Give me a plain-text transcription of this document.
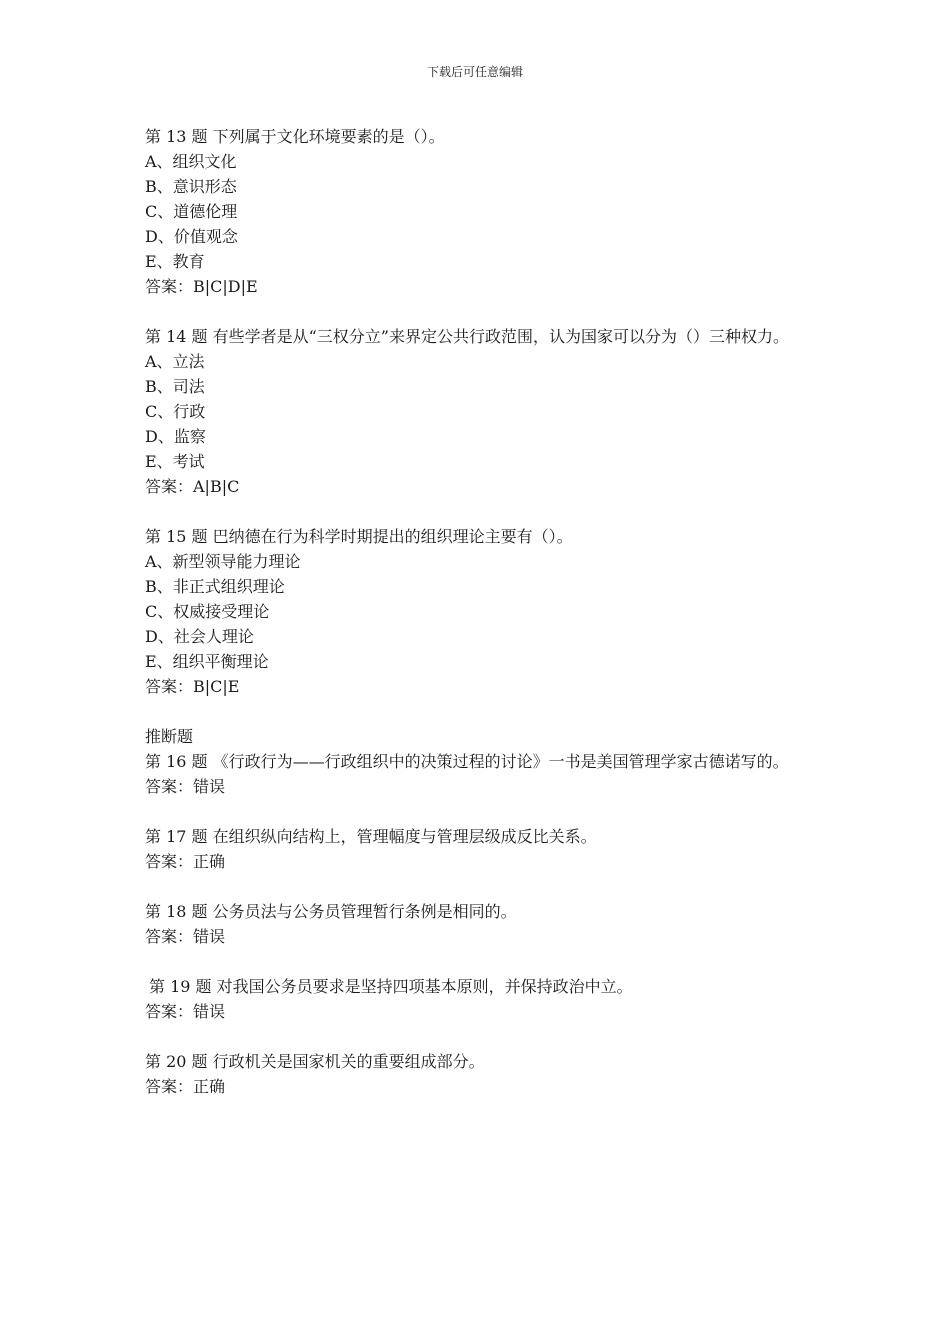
下载后可任意编辑
第 13 题 下列属于文化环境要素的是（）。
A、组织文化
B、意识形态
C、道德伦理
D、价值观念
E、教育
答案：B|C|D|E
第 14 题 有些学者是从“三权分立”来界定公共行政范围，认为国家可以分为（）三种权力。
A、立法
B、司法
C、行政
D、监察
E、考试
答案：A|B|C
第 15 题 巴纳德在行为科学时期提出的组织理论主要有（）。
A、新型领导能力理论
B、非正式组织理论
C、权威接受理论
D、社会人理论
E、组织平衡理论
答案：B|C|E
推断题
第 16 题 《行政行为——行政组织中的决策过程的讨论》一书是美国管理学家古德诺写的。
答案：错误
第 17 题 在组织纵向结构上，管理幅度与管理层级成反比关系。
答案：正确
第 18 题 公务员法与公务员管理暂行条例是相同的。
答案：错误
第 19 题 对我国公务员要求是坚持四项基本原则，并保持政治中立。
答案：错误
第 20 题 行政机关是国家机关的重要组成部分。
答案：正确
